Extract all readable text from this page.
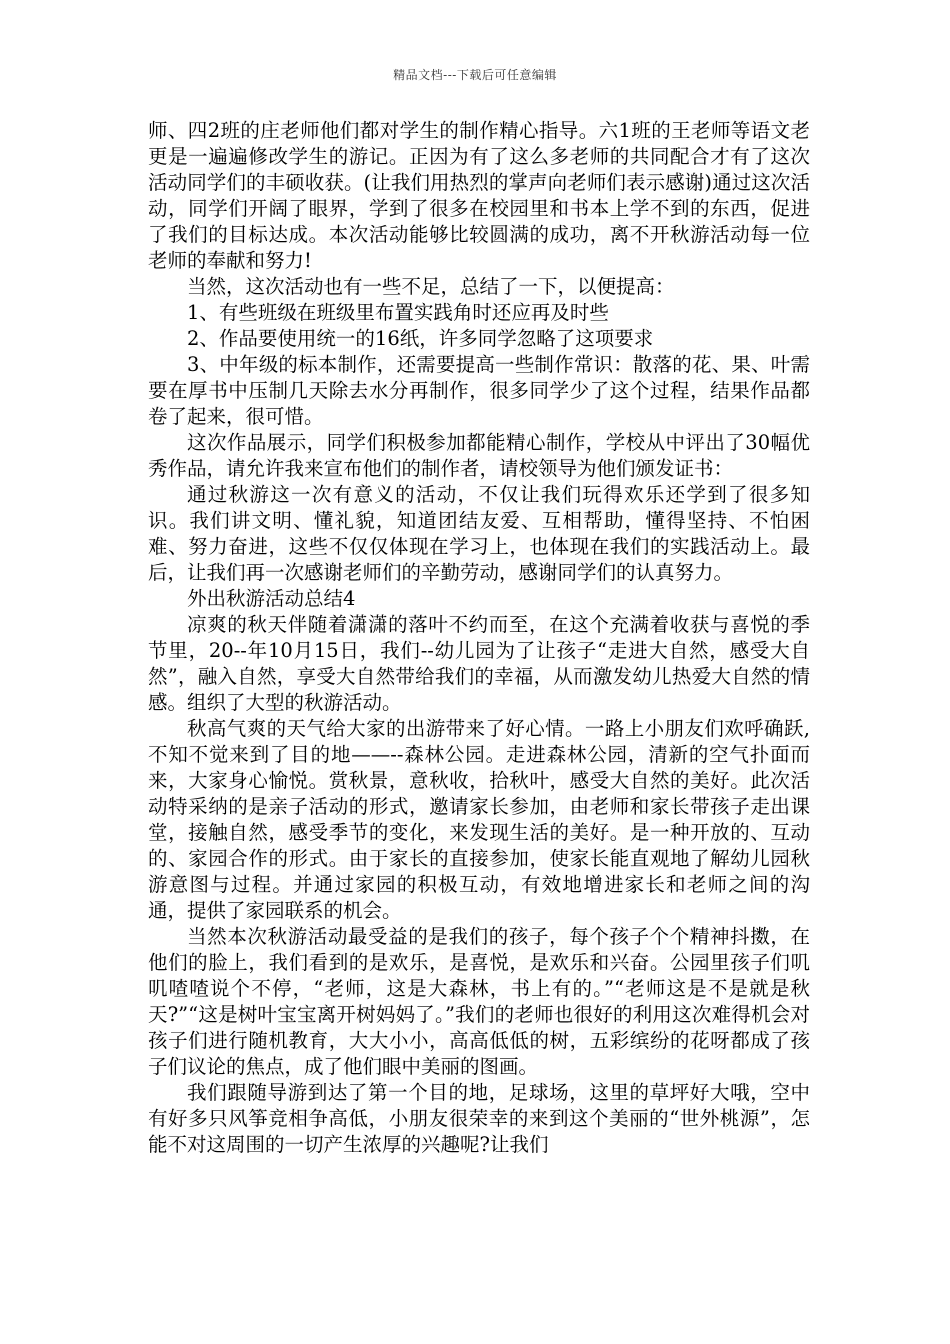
精品文档---下载后可任意编辑

师、四2班的庄老师他们都对学生的制作精心指导。六1班的王老师等语文老更是一遍遍修改学生的游记。正因为有了这么多老师的共同配合才有了这次活动同学们的丰硕收获。(让我们用热烈的掌声向老师们表示感谢)通过这次活动，同学们开阔了眼界，学到了很多在校园里和书本上学不到的东西，促进了我们的目标达成。本次活动能够比较圆满的成功，离不开秋游活动每一位老师的奉献和努力!

当然，这次活动也有一些不足，总结了一下，以便提高：

1、有些班级在班级里布置实践角时还应再及时些

2、作品要使用统一的16纸，许多同学忽略了这项要求

3、中年级的标本制作，还需要提高一些制作常识：散落的花、果、叶需要在厚书中压制几天除去水分再制作，很多同学少了这个过程，结果作品都卷了起来，很可惜。

这次作品展示，同学们积极参加都能精心制作，学校从中评出了30幅优秀作品，请允许我来宣布他们的制作者，请校领导为他们颁发证书：

通过秋游这一次有意义的活动，不仅让我们玩得欢乐还学到了很多知识。我们讲文明、懂礼貌，知道团结友爱、互相帮助，懂得坚持、不怕困难、努力奋进，这些不仅仅体现在学习上，也体现在我们的实践活动上。最后，让我们再一次感谢老师们的辛勤劳动，感谢同学们的认真努力。

外出秋游活动总结4

凉爽的秋天伴随着潇潇的落叶不约而至，在这个充满着收获与喜悦的季节里，20--年10月15日，我们--幼儿园为了让孩子“走进大自然，感受大自然”，融入自然，享受大自然带给我们的幸福，从而激发幼儿热爱大自然的情感。组织了大型的秋游活动。

秋高气爽的天气给大家的出游带来了好心情。一路上小朋友们欢呼确跃,不知不觉来到了目的地——--森林公园。走进森林公园，清新的空气扑面而来，大家身心愉悦。赏秋景，意秋收，拾秋叶，感受大自然的美好。此次活动特采纳的是亲子活动的形式，邀请家长参加，由老师和家长带孩子走出课堂，接触自然，感受季节的变化，来发现生活的美好。是一种开放的、互动的、家园合作的形式。由于家长的直接参加，使家长能直观地了解幼儿园秋游意图与过程。并通过家园的积极互动，有效地增进家长和老师之间的沟通，提供了家园联系的机会。

当然本次秋游活动最受益的是我们的孩子，每个孩子个个精神抖擞，在他们的脸上，我们看到的是欢乐，是喜悦，是欢乐和兴奋。公园里孩子们叽叽喳喳说个不停，“老师，这是大森林，书上有的。”“老师这是不是就是秋天?”“这是树叶宝宝离开树妈妈了。”我们的老师也很好的利用这次难得机会对孩子们进行随机教育，大大小小，高高低低的树，五彩缤纷的花呀都成了孩子们议论的焦点，成了他们眼中美丽的图画。

我们跟随导游到达了第一个目的地，足球场，这里的草坪好大哦，空中有好多只风筝竞相争高低，小朋友很荣幸的来到这个美丽的“世外桃源”，怎能不对这周围的一切产生浓厚的兴趣呢?让我们
